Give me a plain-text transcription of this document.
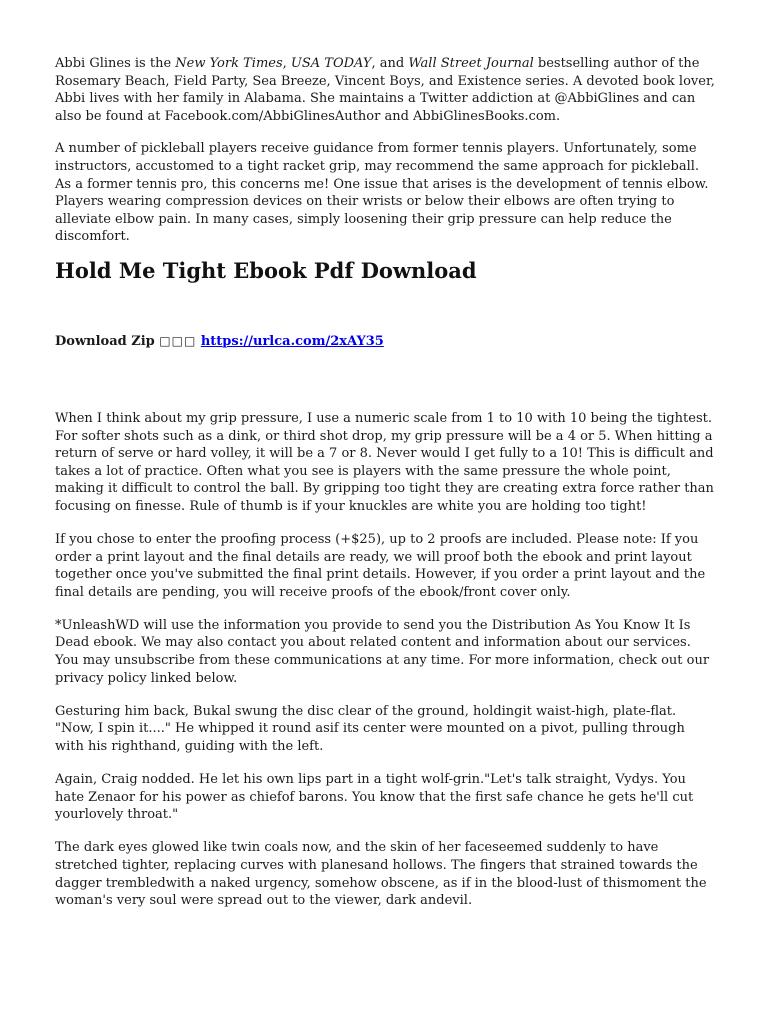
Abbi Glines is the New York Times, USA TODAY, and Wall Street Journal bestselling author of the Rosemary Beach, Field Party, Sea Breeze, Vincent Boys, and Existence series. A devoted book lover, Abbi lives with her family in Alabama. She maintains a Twitter addiction at @AbbiGlines and can also be found at Facebook.com/AbbiGlinesAuthor and AbbiGlinesBooks.com.

A number of pickleball players receive guidance from former tennis players. Unfortunately, some instructors, accustomed to a tight racket grip, may recommend the same approach for pickleball. As a former tennis pro, this concerns me! One issue that arises is the development of tennis elbow. Players wearing compression devices on their wrists or below their elbows are often trying to alleviate elbow pain. In many cases, simply loosening their grip pressure can help reduce the discomfort.

Hold Me Tight Ebook Pdf Download
Download Zip □□□ https://urlca.com/2xAY35

When I think about my grip pressure, I use a numeric scale from 1 to 10 with 10 being the tightest. For softer shots such as a dink, or third shot drop, my grip pressure will be a 4 or 5. When hitting a return of serve or hard volley, it will be a 7 or 8. Never would I get fully to a 10! This is difficult and takes a lot of practice. Often what you see is players with the same pressure the whole point, making it difficult to control the ball. By gripping too tight they are creating extra force rather than focusing on finesse. Rule of thumb is if your knuckles are white you are holding too tight!

If you chose to enter the proofing process (+$25), up to 2 proofs are included. Please note: If you order a print layout and the final details are ready, we will proof both the ebook and print layout together once you've submitted the final print details. However, if you order a print layout and the final details are pending, you will receive proofs of the ebook/front cover only.

*UnleashWD will use the information you provide to send you the Distribution As You Know It Is Dead ebook. We may also contact you about related content and information about our services. You may unsubscribe from these communications at any time. For more information, check out our privacy policy linked below.

Gesturing him back, Bukal swung the disc clear of the ground, holdingit waist-high, plate-flat. "Now, I spin it...." He whipped it round asif its center were mounted on a pivot, pulling through with his righthand, guiding with the left.

Again, Craig nodded. He let his own lips part in a tight wolf-grin."Let's talk straight, Vydys. You hate Zenaor for his power as chiefof barons. You know that the first safe chance he gets he'll cut yourlovely throat."

The dark eyes glowed like twin coals now, and the skin of her faceseemed suddenly to have stretched tighter, replacing curves with planesand hollows. The fingers that strained towards the dagger trembledwith a naked urgency, somehow obscene, as if in the blood-lust of thismoment the woman's very soul were spread out to the viewer, dark andevil.
